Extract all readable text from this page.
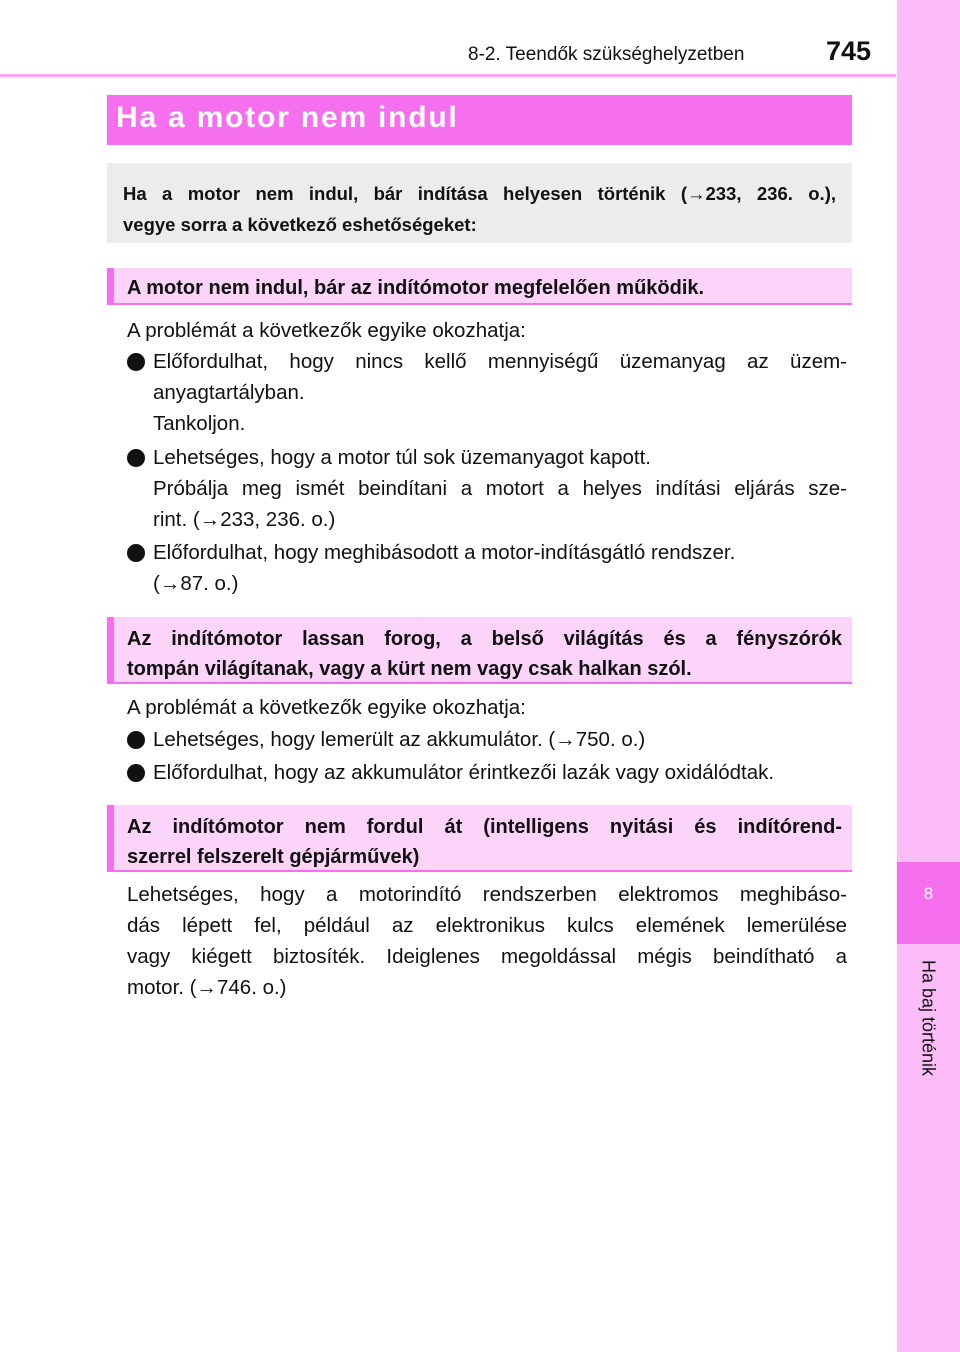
8-2. Teendők szükséghelyzetben	745
8
Ha baj történik
Ha a motor nem indul
Ha a motor nem indul, bár indítása helyesen történik (→233, 236. o.),
vegye sorra a következő eshetőségeket:
A motor nem indul, bár az indítómotor megfelelően működik.
A problémát a következők egyike okozhatja:
Előfordulhat, hogy nincs kellő mennyiségű üzemanyag az üzem-
anyagtartályban.
Tankoljon.
Lehetséges, hogy a motor túl sok üzemanyagot kapott.
Próbálja meg ismét beindítani a motort a helyes indítási eljárás sze-
rint. (→233, 236. o.)
Előfordulhat, hogy meghibásodott a motor-indításgátló rendszer.
(→87. o.)
Az indítómotor lassan forog, a belső világítás és a fényszórók
tompán világítanak, vagy a kürt nem vagy csak halkan szól.
A problémát a következők egyike okozhatja:
Lehetséges, hogy lemerült az akkumulátor. (→750. o.)
Előfordulhat, hogy az akkumulátor érintkezői lazák vagy oxidálódtak.
Az indítómotor nem fordul át (intelligens nyitási és indítórend-
szerrel felszerelt gépjárművek)
Lehetséges, hogy a motorindító rendszerben elektromos meghibáso-
dás lépett fel, például az elektronikus kulcs elemének lemerülése
vagy kiégett biztosíték. Ideiglenes megoldással mégis beindítható a
motor. (→746. o.)
